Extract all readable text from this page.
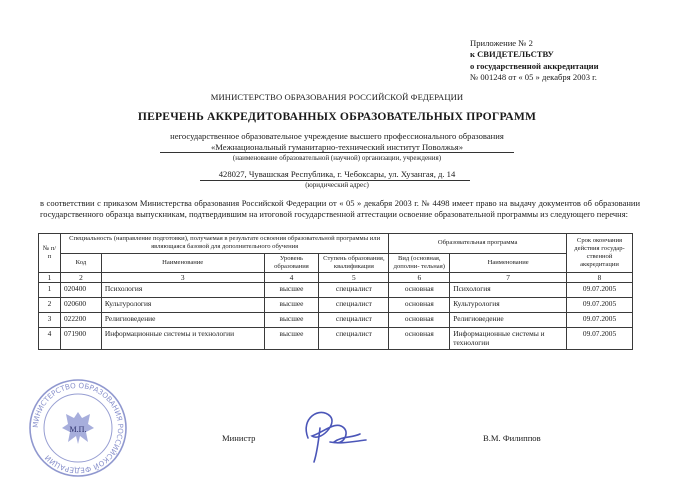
Приложение № 2
к СВИДЕТЕЛЬСТВУ
о государственной аккредитации
№ 001248 от « 05 » декабря 2003 г.
МИНИСТЕРСТВО ОБРАЗОВАНИЯ РОССИЙСКОЙ ФЕДЕРАЦИИ
ПЕРЕЧЕНЬ АККРЕДИТОВАННЫХ ОБРАЗОВАТЕЛЬНЫХ ПРОГРАММ
негосударственное образовательное учреждение высшего профессионального образования
«Межнациональный гуманитарно-технический институт Поволжья»
(наименование образовательной (научной) организации, учреждения)
428027, Чувашская Республика, г. Чебоксары, ул. Хузангая, д. 14
(юридический адрес)
в соответствии с приказом Министерства образования Российской Федерации от « 05 » декабря 2003 г. № 4498 имеет право на выдачу документов об образовании государственного образца выпускникам, подтвердившим на итоговой государственной аттестации освоение образовательной программы из следующего перечня:
№ п/п	Специальность (направление подготовки), получаемая в результате освоения образовательной программы или являющаяся базовой для дополнительного обучения				Образовательная программа		Срок окончания действия государ- ственной аккредитации
	Код	Наименование	Уровень образования	Ступень образования, квалификация	Вид (основная, дополни- тельная)	Наименование	
1	2	3	4	5	6	7	8
1	020400	Психология	высшее	специалист	основная	Психология	09.07.2005
2	020600	Культурология	высшее	специалист	основная	Культурология	09.07.2005
3	022200	Религиоведение	высшее	специалист	основная	Религиоведение	09.07.2005
4	071900	Информационные системы и технологии	высшее	специалист	основная	Информационные системы и технологии	09.07.2005
МИНИСТЕРСТВО ОБРАЗОВАНИЯ РОССИЙСКОЙ ФЕДЕРАЦИИ
М.П.
Министр	В.М. Филиппов
